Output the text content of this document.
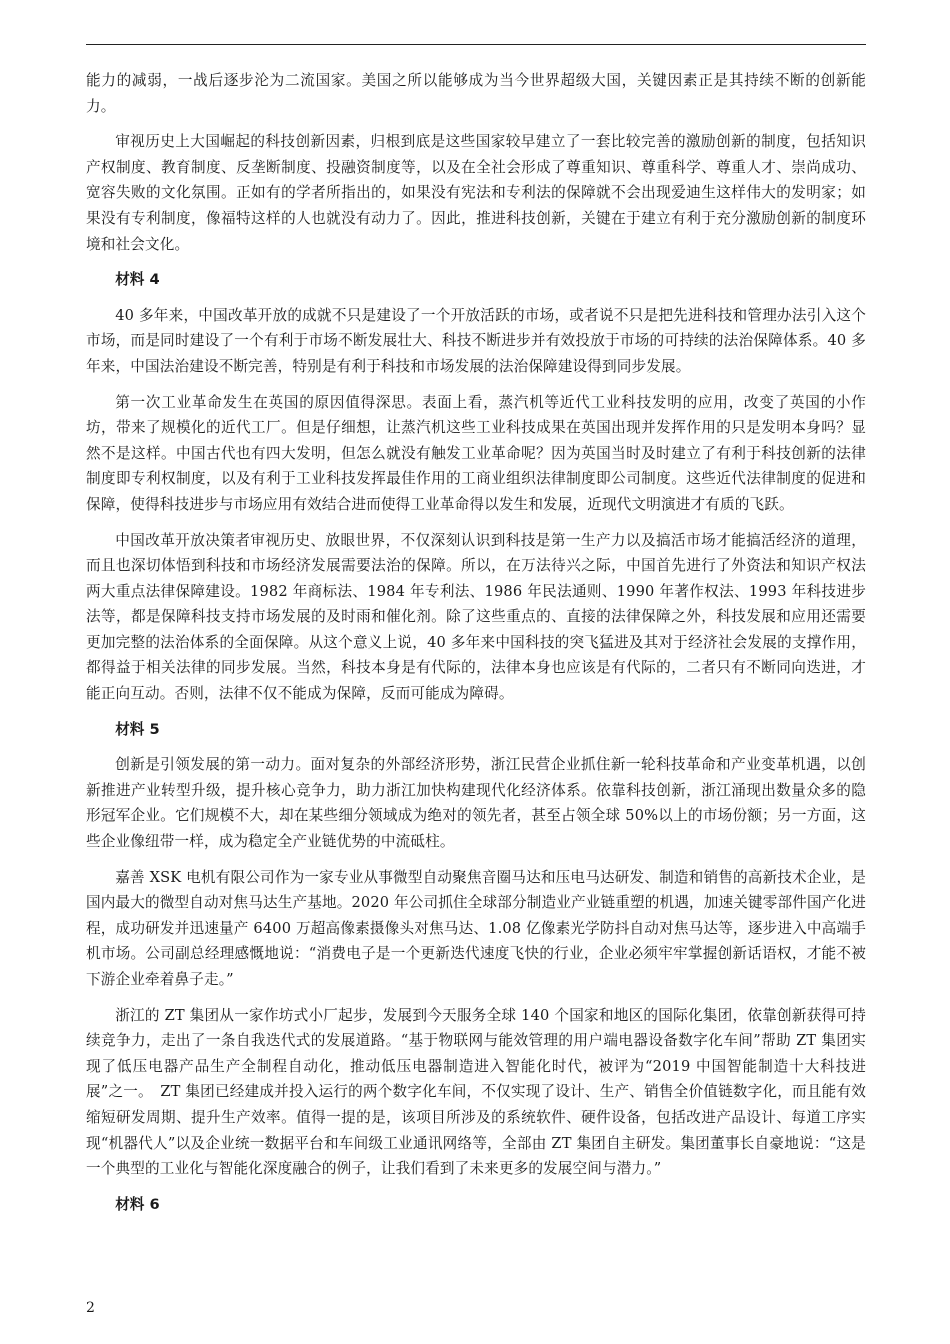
能力的减弱，一战后逐步沦为二流国家。美国之所以能够成为当今世界超级大国，关键因素正是其持续不断的创新能力。

审视历史上大国崛起的科技创新因素，归根到底是这些国家较早建立了一套比较完善的激励创新的制度，包括知识产权制度、教育制度、反垄断制度、投融资制度等，以及在全社会形成了尊重知识、尊重科学、尊重人才、崇尚成功、宽容失败的文化氛围。正如有的学者所指出的，如果没有宪法和专利法的保障就不会出现爱迪生这样伟大的发明家；如果没有专利制度，像福特这样的人也就没有动力了。因此，推进科技创新，关键在于建立有利于充分激励创新的制度环境和社会文化。

材料 4

40 多年来，中国改革开放的成就不只是建设了一个开放活跃的市场，或者说不只是把先进科技和管理办法引入这个市场，而是同时建设了一个有利于市场不断发展壮大、科技不断进步并有效投放于市场的可持续的法治保障体系。40 多年来，中国法治建设不断完善，特别是有利于科技和市场发展的法治保障建设得到同步发展。

第一次工业革命发生在英国的原因值得深思。表面上看，蒸汽机等近代工业科技发明的应用，改变了英国的小作坊，带来了规模化的近代工厂。但是仔细想，让蒸汽机这些工业科技成果在英国出现并发挥作用的只是发明本身吗？显然不是这样。中国古代也有四大发明，但怎么就没有触发工业革命呢？因为英国当时及时建立了有利于科技创新的法律制度即专利权制度，以及有利于工业科技发挥最佳作用的工商业组织法律制度即公司制度。这些近代法律制度的促进和保障，使得科技进步与市场应用有效结合进而使得工业革命得以发生和发展，近现代文明演进才有质的飞跃。

中国改革开放决策者审视历史、放眼世界，不仅深刻认识到科技是第一生产力以及搞活市场才能搞活经济的道理，而且也深切体悟到科技和市场经济发展需要法治的保障。所以，在万法待兴之际，中国首先进行了外资法和知识产权法两大重点法律保障建设。1982 年商标法、1984 年专利法、1986 年民法通则、1990 年著作权法、1993 年科技进步法等，都是保障科技支持市场发展的及时雨和催化剂。除了这些重点的、直接的法律保障之外，科技发展和应用还需要更加完整的法治体系的全面保障。从这个意义上说，40 多年来中国科技的突飞猛进及其对于经济社会发展的支撑作用，都得益于相关法律的同步发展。当然，科技本身是有代际的，法律本身也应该是有代际的，二者只有不断同向迭进，才能正向互动。否则，法律不仅不能成为保障，反而可能成为障碍。

材料 5

创新是引领发展的第一动力。面对复杂的外部经济形势，浙江民营企业抓住新一轮科技革命和产业变革机遇，以创新推进产业转型升级，提升核心竞争力，助力浙江加快构建现代化经济体系。依靠科技创新，浙江涌现出数量众多的隐形冠军企业。它们规模不大，却在某些细分领域成为绝对的领先者，甚至占领全球 50%以上的市场份额；另一方面，这些企业像纽带一样，成为稳定全产业链优势的中流砥柱。

嘉善 XSK 电机有限公司作为一家专业从事微型自动聚焦音圈马达和压电马达研发、制造和销售的高新技术企业，是国内最大的微型自动对焦马达生产基地。2020 年公司抓住全球部分制造业产业链重塑的机遇，加速关键零部件国产化进程，成功研发并迅速量产 6400 万超高像素摄像头对焦马达、1.08 亿像素光学防抖自动对焦马达等，逐步进入中高端手机市场。公司副总经理感慨地说：“消费电子是一个更新迭代速度飞快的行业，企业必须牢牢掌握创新话语权，才能不被下游企业牵着鼻子走。”

浙江的 ZT 集团从一家作坊式小厂起步，发展到今天服务全球 140 个国家和地区的国际化集团，依靠创新获得可持续竞争力，走出了一条自我迭代式的发展道路。“基于物联网与能效管理的用户端电器设备数字化车间”帮助 ZT 集团实现了低压电器产品生产全制程自动化，推动低压电器制造进入智能化时代，被评为“2019 中国智能制造十大科技进展”之一。　ZT 集团已经建成并投入运行的两个数字化车间，不仅实现了设计、生产、销售全价值链数字化，而且能有效缩短研发周期、提升生产效率。值得一提的是，该项目所涉及的系统软件、硬件设备，包括改进产品设计、每道工序实现“机器代人”以及企业统一数据平台和车间级工业通讯网络等，全部由 ZT 集团自主研发。集团董事长自豪地说：“这是一个典型的工业化与智能化深度融合的例子，让我们看到了未来更多的发展空间与潜力。”

材料 6

2
